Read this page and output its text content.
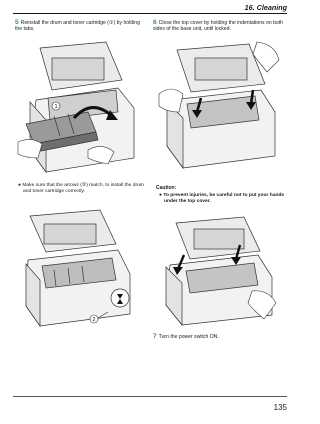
16. Cleaning
5 Reinstall the drum and toner cartridge (①) by holding the tabs.
1
● Make sure that the arrows (②) match, to install the drum and toner cartridge correctly.
2
6 Close the top cover by holding the indentations on both sides of the base unit, until locked.
Caution:
● To prevent injuries, be careful not to put your hands under the top cover.
7 Turn the power switch ON.
135
